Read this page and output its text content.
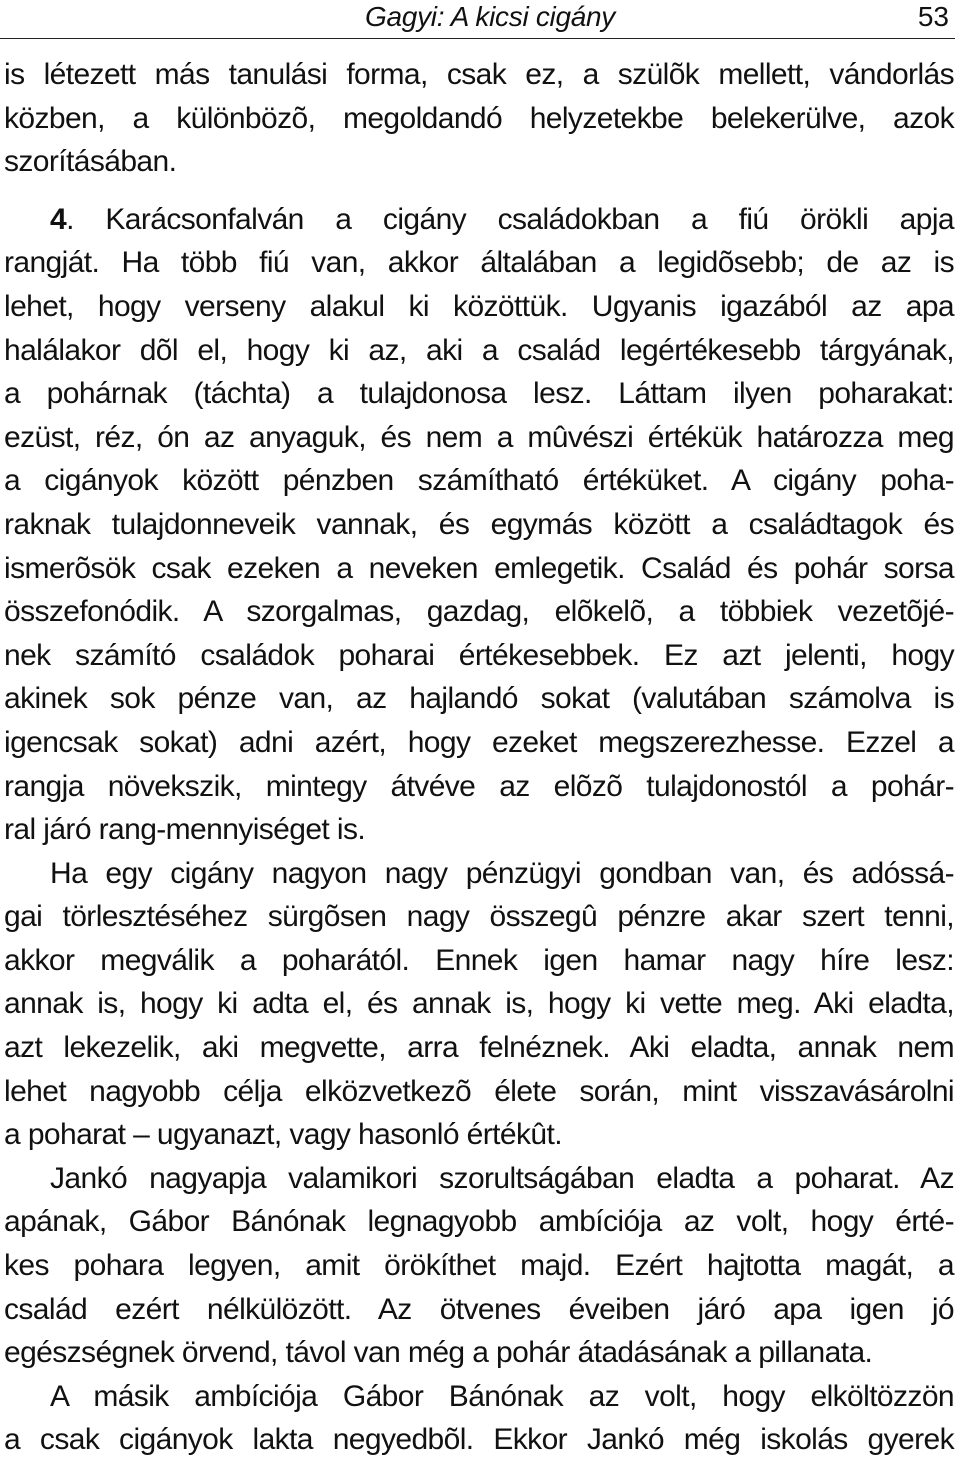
Gagyi: A kicsi cigány	53
is létezett más tanulási forma, csak ez, a szülõk mellett, vándorlás
közben, a különbözõ, megoldandó helyzetekbe belekerülve, azok
szorításában.
4. Karácsonfalván a cigány családokban a fiú örökli apja
rangját. Ha több fiú van, akkor általában a legidõsebb; de az is
lehet, hogy verseny alakul ki közöttük. Ugyanis igazából az apa
halálakor dõl el, hogy ki az, aki a család legértékesebb tárgyának,
a pohárnak (táchta) a tulajdonosa lesz. Láttam ilyen poharakat:
ezüst, réz, ón az anyaguk, és nem a mûvészi értékük határozza meg
a cigányok között pénzben számítható értéküket. A cigány poha-
raknak tulajdonneveik vannak, és egymás között a családtagok és
ismerõsök csak ezeken a neveken emlegetik. Család és pohár sorsa
összefonódik. A szorgalmas, gazdag, elõkelõ, a többiek vezetõjé-
nek számító családok poharai értékesebbek. Ez azt jelenti, hogy
akinek sok pénze van, az hajlandó sokat (valutában számolva is
igencsak sokat) adni azért, hogy ezeket megszerezhesse. Ezzel a
rangja növekszik, mintegy átvéve az elõzõ tulajdonostól a pohár-
ral járó rang-mennyiséget is.
Ha egy cigány nagyon nagy pénzügyi gondban van, és adóssá-
gai törlesztéséhez sürgõsen nagy összegû pénzre akar szert tenni,
akkor megválik a poharától. Ennek igen hamar nagy híre lesz:
annak is, hogy ki adta el, és annak is, hogy ki vette meg. Aki eladta,
azt lekezelik, aki megvette, arra felnéznek. Aki eladta, annak nem
lehet nagyobb célja elközvetkezõ élete során, mint visszavásárolni
a poharat – ugyanazt, vagy hasonló értékût.
Jankó nagyapja valamikori szorultságában eladta a poharat. Az
apának, Gábor Bánónak legnagyobb ambíciója az volt, hogy érté-
kes pohara legyen, amit örökíthet majd. Ezért hajtotta magát, a
család ezért nélkülözött. Az ötvenes éveiben járó apa igen jó
egészségnek örvend, távol van még a pohár átadásának a pillanata.
A másik ambíciója Gábor Bánónak az volt, hogy elköltözzön
a csak cigányok lakta negyedbõl. Ekkor Jankó még iskolás gyerek
